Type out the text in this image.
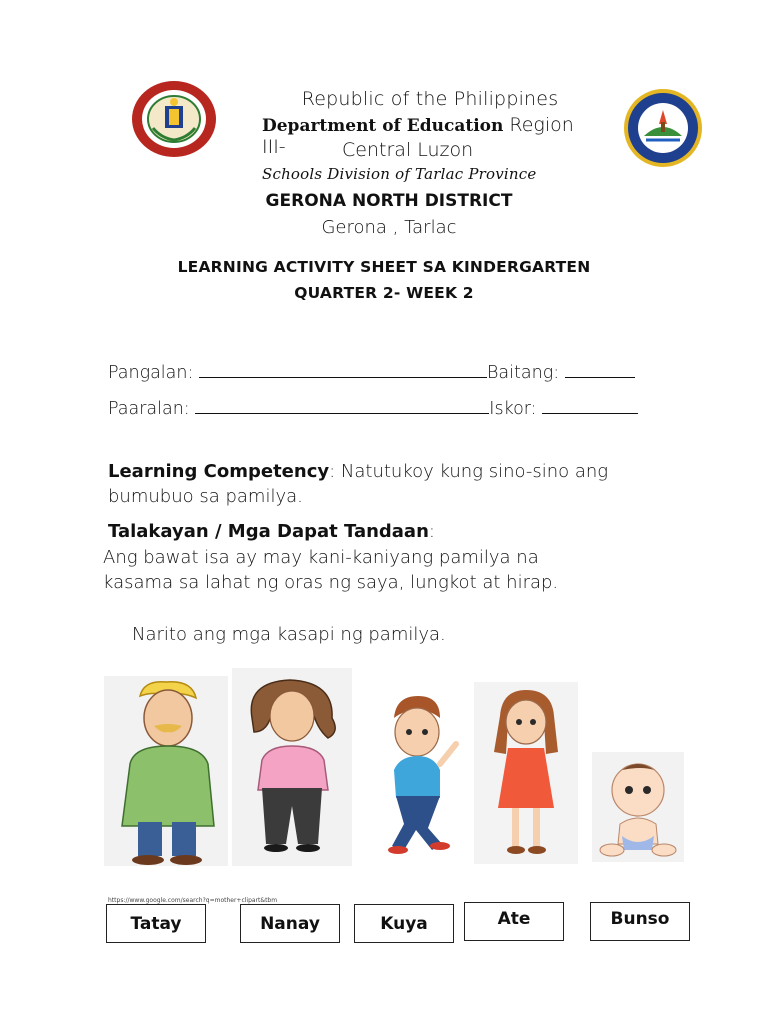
Republic of the Philippines
Department of Education Region III-	Central Luzon
Schools Division of Tarlac Province
GERONA NORTH DISTRICT
Gerona , Tarlac
LEARNING ACTIVITY SHEET SA KINDERGARTEN
QUARTER 2- WEEK 2
Pangalan:	Baitang:
Paaralan:	Iskor:
Learning Competency: Natutukoy kung sino-sino ang
bumubuo sa pamilya.
Talakayan / Mga Dapat Tandaan:
Ang bawat isa ay may kani-kaniyang pamilya na
kasama sa lahat ng oras ng saya, lungkot at hirap.
Narito ang mga kasapi ng pamilya.
https://www.google.com/search?q=mother+clipart&tbm
Tatay	Nanay	Kuya	Ate	Bunso
